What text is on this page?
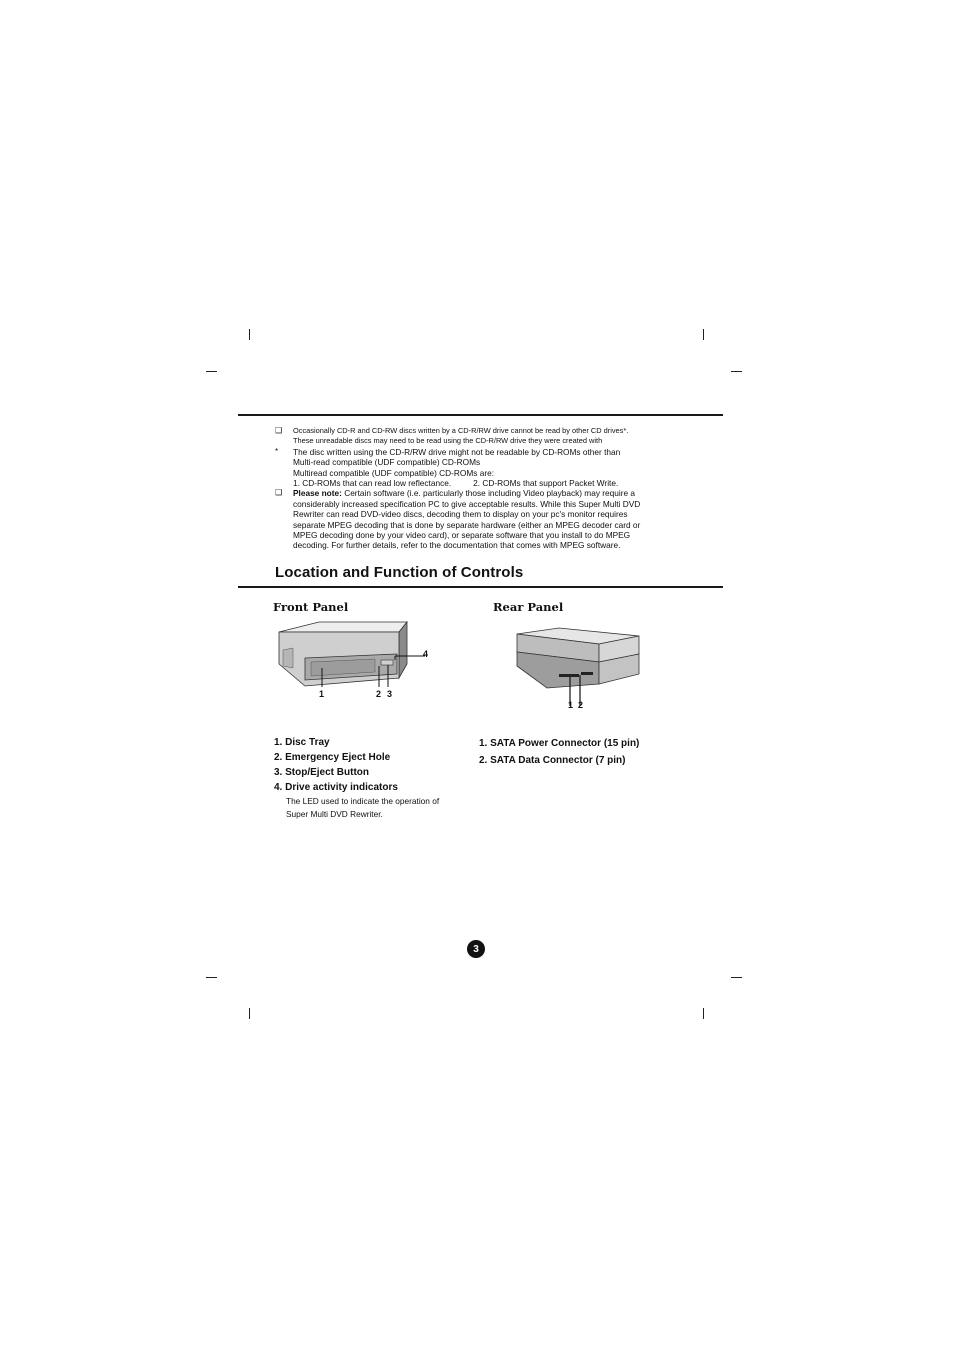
❑ Occasionally CD-R and CD-RW discs written by a CD-R/RW drive cannot be read by other CD drives*.
These unreadable discs may need to be read using the CD-R/RW drive they were created with
* The disc written using the CD-R/RW drive might not be readable by CD-ROMs other than
Multi-read compatible (UDF compatible) CD-ROMs
Multiread compatible (UDF compatible) CD-ROMs are:
1. CD-ROMs that can read low reflectance.	2. CD-ROMs that support Packet Write.
❑ Please note: Certain software (i.e. particularly those including Video playback) may require a
considerably increased specification PC to give acceptable results. While this Super Multi DVD
Rewriter can read DVD-video discs, decoding them to display on your pc's monitor requires
separate MPEG decoding that is done by separate hardware (either an MPEG decoder card or
MPEG decoding done by your video card), or separate software that you install to do MPEG
decoding. For further details, refer to the documentation that comes with MPEG software.
Location and Function of Controls
Front Panel	Rear Panel
1	2 3
4
1 2
1. Disc Tray
2. Emergency Eject Hole
3. Stop/Eject Button
4. Drive activity indicators
The LED used to indicate the operation of
Super Multi DVD Rewriter.
1. SATA Power Connector (15 pin)
2. SATA Data Connector (7 pin)
3
